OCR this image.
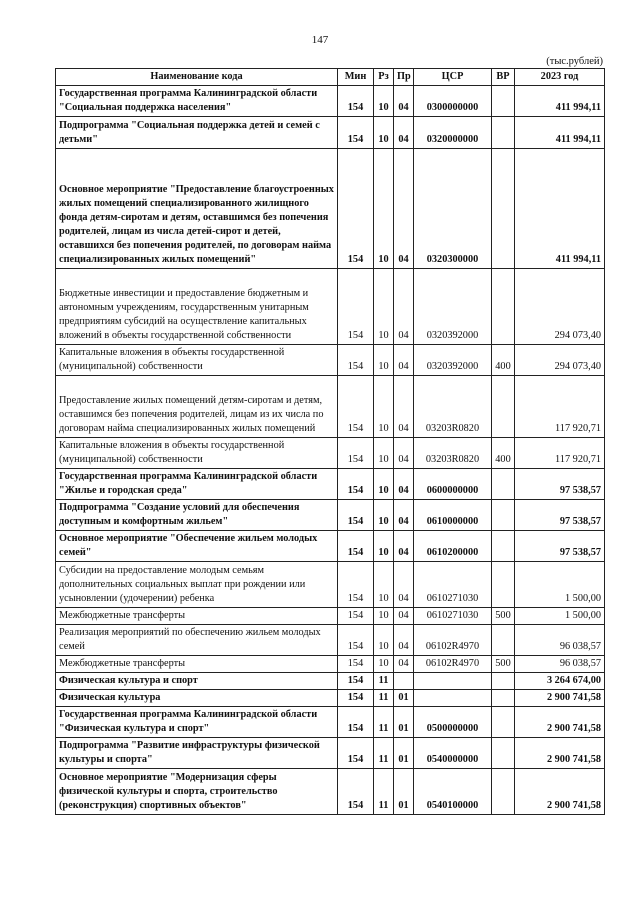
147
(тыс.рублей)
Наименование кода	Мин	Рз	Пр	ЦСР	ВР	2023 год
Государственная программа Калининградской области "Социальная поддержка населения"	154	10	04	0300000000		411 994,11
Подпрограмма "Социальная поддержка детей и семей с детьми"	154	10	04	0320000000		411 994,11
Основное мероприятие "Предоставление благоустроенных жилых помещений специализированного жилищного фонда детям-сиротам и детям, оставшимся без попечения родителей, лицам из числа детей-сирот и детей, оставшихся без попечения родителей, по договорам найма специализированных жилых помещений"	154	10	04	0320300000		411 994,11
Бюджетные инвестиции и предоставление бюджетным и автономным учреждениям, государственным унитарным предприятиям субсидий на осуществление капитальных вложений в объекты государственной собственности	154	10	04	0320392000		294 073,40
Капитальные вложения в объекты государственной (муниципальной) собственности	154	10	04	0320392000	400	294 073,40
Предоставление жилых помещений детям-сиротам и детям, оставшимся без попечения родителей, лицам из их числа по договорам найма специализированных жилых помещений	154	10	04	03203R0820		117 920,71
Капитальные вложения в объекты государственной (муниципальной) собственности	154	10	04	03203R0820	400	117 920,71
Государственная программа Калининградской области "Жилье и городская среда"	154	10	04	0600000000		97 538,57
Подпрограмма "Создание условий для обеспечения доступным и комфортным жильем"	154	10	04	0610000000		97 538,57
Основное мероприятие "Обеспечение жильем молодых семей"	154	10	04	0610200000		97 538,57
Субсидии на предоставление молодым семьям дополнительных социальных выплат при рождении или усыновлении (удочерении) ребенка	154	10	04	0610271030		1 500,00
Межбюджетные трансферты	154	10	04	0610271030	500	1 500,00
Реализация мероприятий по обеспечению жильем молодых семей	154	10	04	06102R4970		96 038,57
Межбюджетные трансферты	154	10	04	06102R4970	500	96 038,57
Физическая культура и спорт	154	11				3 264 674,00
Физическая культура	154	11	01			2 900 741,58
Государственная программа Калининградской области "Физическая культура и спорт"	154	11	01	0500000000		2 900 741,58
Подпрограмма "Развитие инфраструктуры физической культуры и спорта"	154	11	01	0540000000		2 900 741,58
Основное мероприятие "Модернизация сферы физической культуры и спорта, строительство (реконструкция) спортивных объектов"	154	11	01	0540100000		2 900 741,58
